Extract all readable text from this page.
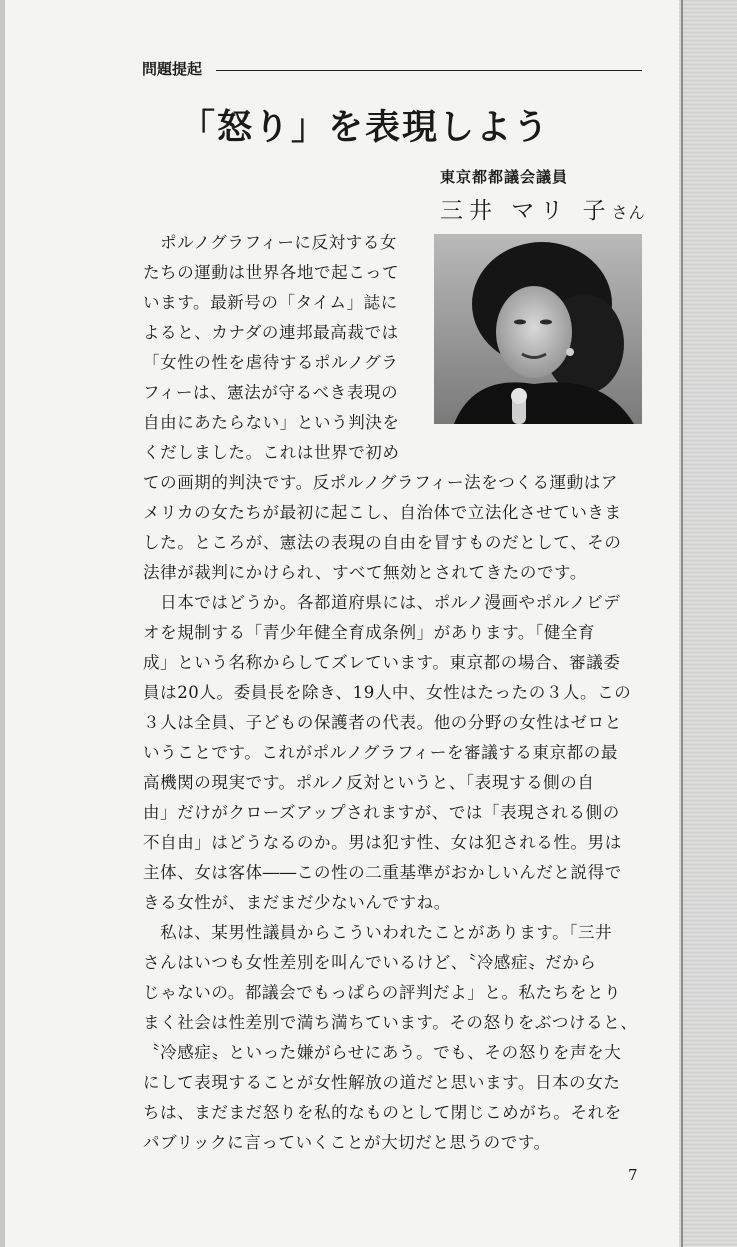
問題提起
「怒り」を表現しよう
東京都都議会議員
三井 マリ 子さん
　ポルノグラフィーに反対する女
たちの運動は世界各地で起こって
います。最新号の「タイム」誌に
よると、カナダの連邦最高裁では
「女性の性を虐待するポルノグラ
フィーは、憲法が守るべき表現の
自由にあたらない」という判決を
くだしました。これは世界で初め
ての画期的判決です。反ポルノグラフィー法をつくる運動はア
メリカの女たちが最初に起こし、自治体で立法化させていきま
した。ところが、憲法の表現の自由を冒すものだとして、その
法律が裁判にかけられ、すべて無効とされてきたのです。
　日本ではどうか。各都道府県には、ポルノ漫画やポルノビデ
オを規制する「青少年健全育成条例」があります。「健全育
成」という名称からしてズレています。東京都の場合、審議委
員は20人。委員長を除き、19人中、女性はたったの３人。この
３人は全員、子どもの保護者の代表。他の分野の女性はゼロと
いうことです。これがポルノグラフィーを審議する東京都の最
高機関の現実です。ポルノ反対というと、「表現する側の自
由」だけがクローズアップされますが、では「表現される側の
不自由」はどうなるのか。男は犯す性、女は犯される性。男は
主体、女は客体――この性の二重基準がおかしいんだと説得で
きる女性が、まだまだ少ないんですね。
　私は、某男性議員からこういわれたことがあります。「三井
さんはいつも女性差別を叫んでいるけど、〝冷感症〟だから
じゃないの。都議会でもっぱらの評判だよ」と。私たちをとり
まく社会は性差別で満ち満ちています。その怒りをぶつけると、
〝冷感症〟といった嫌がらせにあう。でも、その怒りを声を大
にして表現することが女性解放の道だと思います。日本の女た
ちは、まだまだ怒りを私的なものとして閉じこめがち。それを
パブリックに言っていくことが大切だと思うのです。
7
